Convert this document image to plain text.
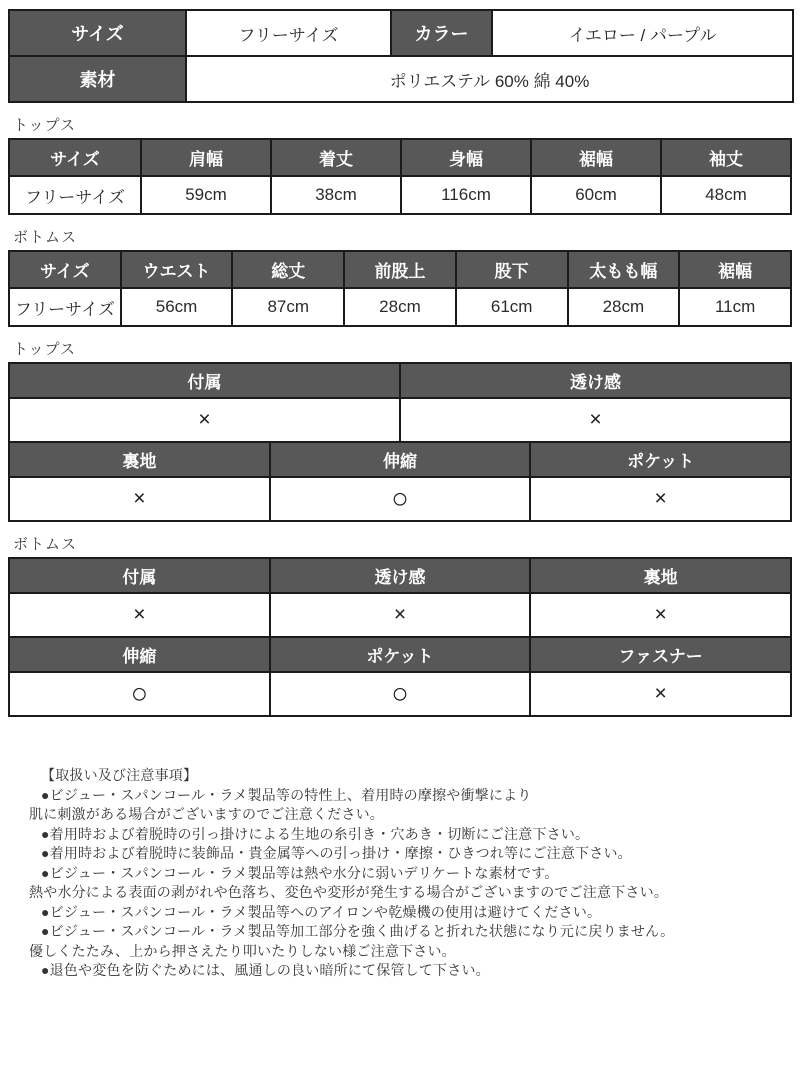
サイズ	フリーサイズ	カラー	イエロー / パープル
素材	ポリエステル 60% 綿 40%		
トップス
サイズ	肩幅	着丈	身幅	裾幅	袖丈
フリーサイズ	59cm	38cm	116cm	60cm	48cm
ボトムス
サイズ	ウエスト	総丈	前股上	股下	太もも幅	裾幅
フリーサイズ	56cm	87cm	28cm	61cm	28cm	11cm
トップス
付属		透け感	
×		×	
裏地	伸縮		ポケット
×	○		×
ボトムス
付属	透け感	裏地
×	×	×
伸縮	ポケット	ファスナー
○	○	×
【取扱い及び注意事項】
●ビジュー・スパンコール・ラメ製品等の特性上、着用時の摩擦や衝撃により
肌に刺激がある場合がございますのでご注意ください。
●着用時および着脱時の引っ掛けによる生地の糸引き・穴あき・切断にご注意下さい。
●着用時および着脱時に装飾品・貴金属等への引っ掛け・摩擦・ひきつれ等にご注意下さい。
●ビジュー・スパンコール・ラメ製品等は熱や水分に弱いデリケートな素材です。
熱や水分による表面の剥がれや色落ち、変色や変形が発生する場合がございますのでご注意下さい。
●ビジュー・スパンコール・ラメ製品等へのアイロンや乾燥機の使用は避けてください。
●ビジュー・スパンコール・ラメ製品等加工部分を強く曲げると折れた状態になり元に戻りません。
優しくたたみ、上から押さえたり叩いたりしない様ご注意下さい。
●退色や変色を防ぐためには、風通しの良い暗所にて保管して下さい。
